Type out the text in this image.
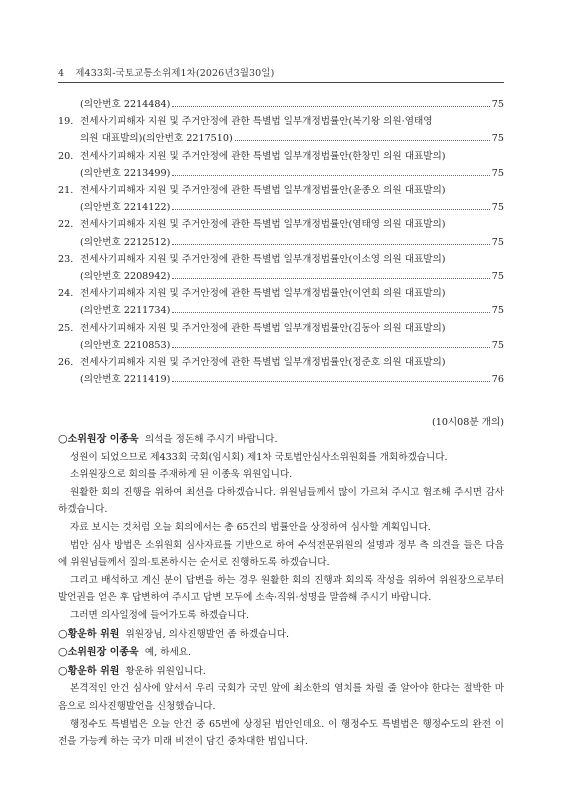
4 제433회-국토교통소위제1차(2026년3월30일)
(의안번호 2214484)	75
19. 전세사기피해자 지원 및 주거안정에 관한 특별법 일부개정법률안(복기왕 의원·염태영
의원 대표발의)(의안번호 2217510)	75
20. 전세사기피해자 지원 및 주거안정에 관한 특별법 일부개정법률안(한창민 의원 대표발의)
(의안번호 2213499)	75
21. 전세사기피해자 지원 및 주거안정에 관한 특별법 일부개정법률안(윤종오 의원 대표발의)
(의안번호 2214122)	75
22. 전세사기피해자 지원 및 주거안정에 관한 특별법 일부개정법률안(염태영 의원 대표발의)
(의안번호 2212512)	75
23. 전세사기피해자 지원 및 주거안정에 관한 특별법 일부개정법률안(이소영 의원 대표발의)
(의안번호 2208942)	75
24. 전세사기피해자 지원 및 주거안정에 관한 특별법 일부개정법률안(이연희 의원 대표발의)
(의안번호 2211734)	75
25. 전세사기피해자 지원 및 주거안정에 관한 특별법 일부개정법률안(김동아 의원 대표발의)
(의안번호 2210853)	75
26. 전세사기피해자 지원 및 주거안정에 관한 특별법 일부개정법률안(정준호 의원 대표발의)
(의안번호 2211419)	76
(10시08분 개의)

○소위원장 이종욱 의석을 정돈해 주시기 바랍니다.

성원이 되었으므로 제433회 국회(임시회) 제1차 국토법안심사소위원회를 개회하겠습니다.

소위원장으로 회의를 주재하게 된 이종욱 위원입니다.

원활한 회의 진행을 위하여 최선을 다하겠습니다. 위원님들께서 많이 가르쳐 주시고 협조해 주시면 감사하겠습니다.

자료 보시는 것처럼 오늘 회의에서는 총 65건의 법률안을 상정하여 심사할 계획입니다.

법안 심사 방법은 소위원회 심사자료를 기반으로 하여 수석전문위원의 설명과 정부 측 의견을 들은 다음에 위원님들께서 질의·토론하시는 순서로 진행하도록 하겠습니다.

그리고 배석하고 계신 분이 답변을 하는 경우 원활한 회의 진행과 회의록 작성을 위하여 위원장으로부터 발언권을 얻은 후 답변하여 주시고 답변 모두에 소속·직위·성명을 말씀해 주시기 바랍니다.

그러면 의사일정에 들어가도록 하겠습니다.

○황운하 위원 위원장님, 의사진행발언 좀 하겠습니다.

○소위원장 이종욱 예, 하세요.

○황운하 위원 황운하 위원입니다.

본격적인 안건 심사에 앞서서 우리 국회가 국민 앞에 최소한의 염치를 차릴 줄 알아야 한다는 절박한 마음으로 의사진행발언을 신청했습니다.

행정수도 특별법은 오늘 안건 중 65번에 상정된 법안인데요. 이 행정수도 특별법은 행정수도의 완전 이전을 가능케 하는 국가 미래 비전이 담긴 중차대한 법입니다.
